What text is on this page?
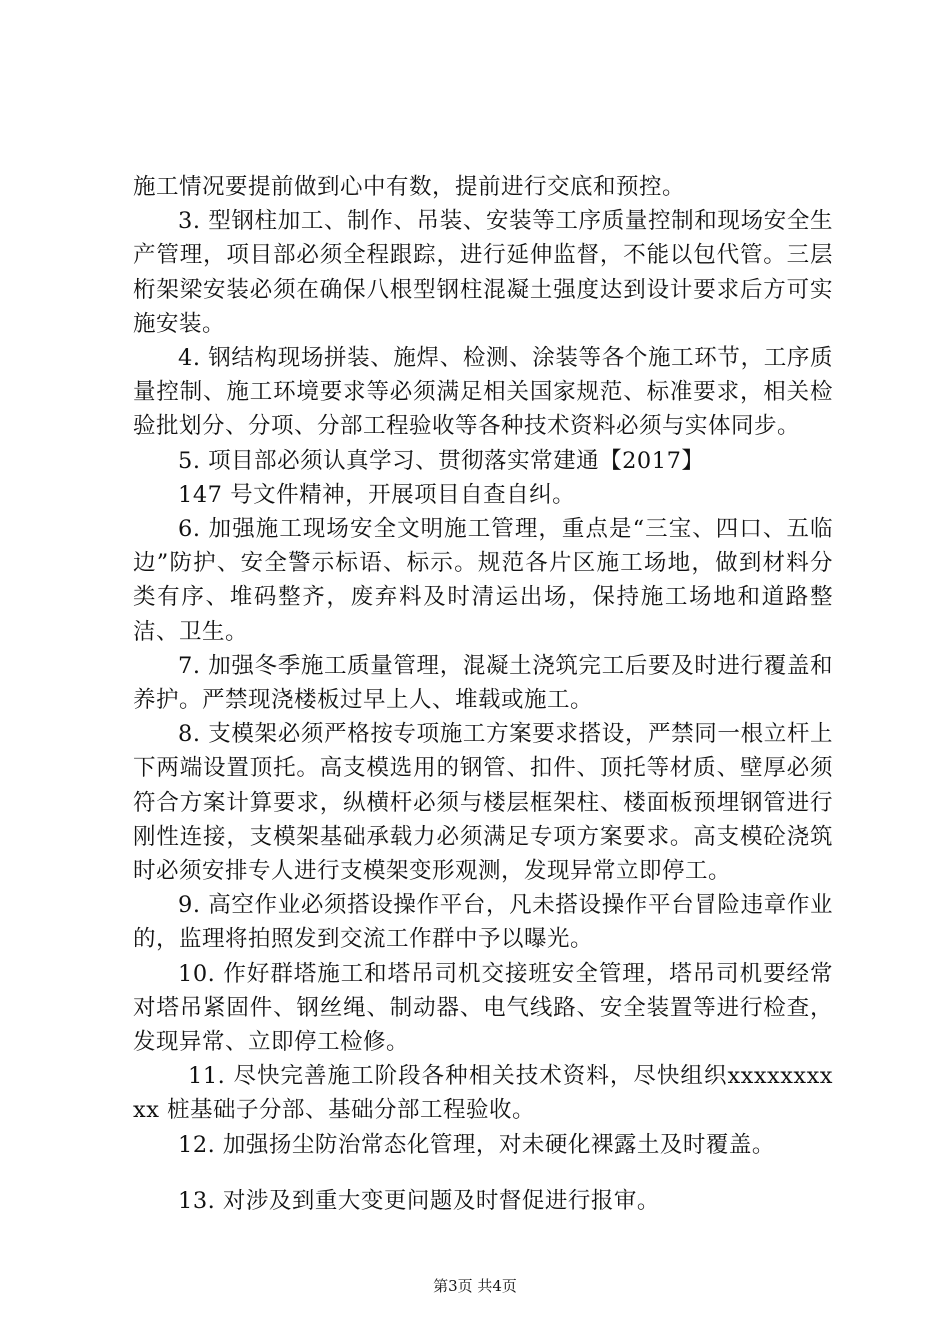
施工情况要提前做到心中有数，提前进行交底和预控。

3. 型钢柱加工、制作、吊装、安装等工序质量控制和现场安全生产管理，项目部必须全程跟踪，进行延伸监督，不能以包代管。三层桁架梁安装必须在确保八根型钢柱混凝土强度达到设计要求后方可实施安装。

4. 钢结构现场拼装、施焊、检测、涂装等各个施工环节，工序质量控制、施工环境要求等必须满足相关国家规范、标准要求，相关检验批划分、分项、分部工程验收等各种技术资料必须与实体同步。

5. 项目部必须认真学习、贯彻落实常建通【2017】

147 号文件精神，开展项目自查自纠。

6. 加强施工现场安全文明施工管理，重点是“三宝、四口、五临边”防护、安全警示标语、标示。规范各片区施工场地，做到材料分类有序、堆码整齐，废弃料及时清运出场，保持施工场地和道路整洁、卫生。

7. 加强冬季施工质量管理，混凝土浇筑完工后要及时进行覆盖和养护。严禁现浇楼板过早上人、堆载或施工。

8. 支模架必须严格按专项施工方案要求搭设，严禁同一根立杆上下两端设置顶托。高支模选用的钢管、扣件、顶托等材质、壁厚必须符合方案计算要求，纵横杆必须与楼层框架柱、楼面板预埋钢管进行刚性连接，支模架基础承载力必须满足专项方案要求。高支模砼浇筑时必须安排专人进行支模架变形观测，发现异常立即停工。

9. 高空作业必须搭设操作平台，凡未搭设操作平台冒险违章作业的，监理将拍照发到交流工作群中予以曝光。

10. 作好群塔施工和塔吊司机交接班安全管理，塔吊司机要经常对塔吊紧固件、钢丝绳、制动器、电气线路、安全装置等进行检查，发现异常、立即停工检修。

11. 尽快完善施工阶段各种相关技术资料，尽快组织xxxxxxxxxx 桩基础子分部、基础分部工程验收。

12. 加强扬尘防治常态化管理，对未硬化裸露土及时覆盖。

13. 对涉及到重大变更问题及时督促进行报审。

第3页 共4页
